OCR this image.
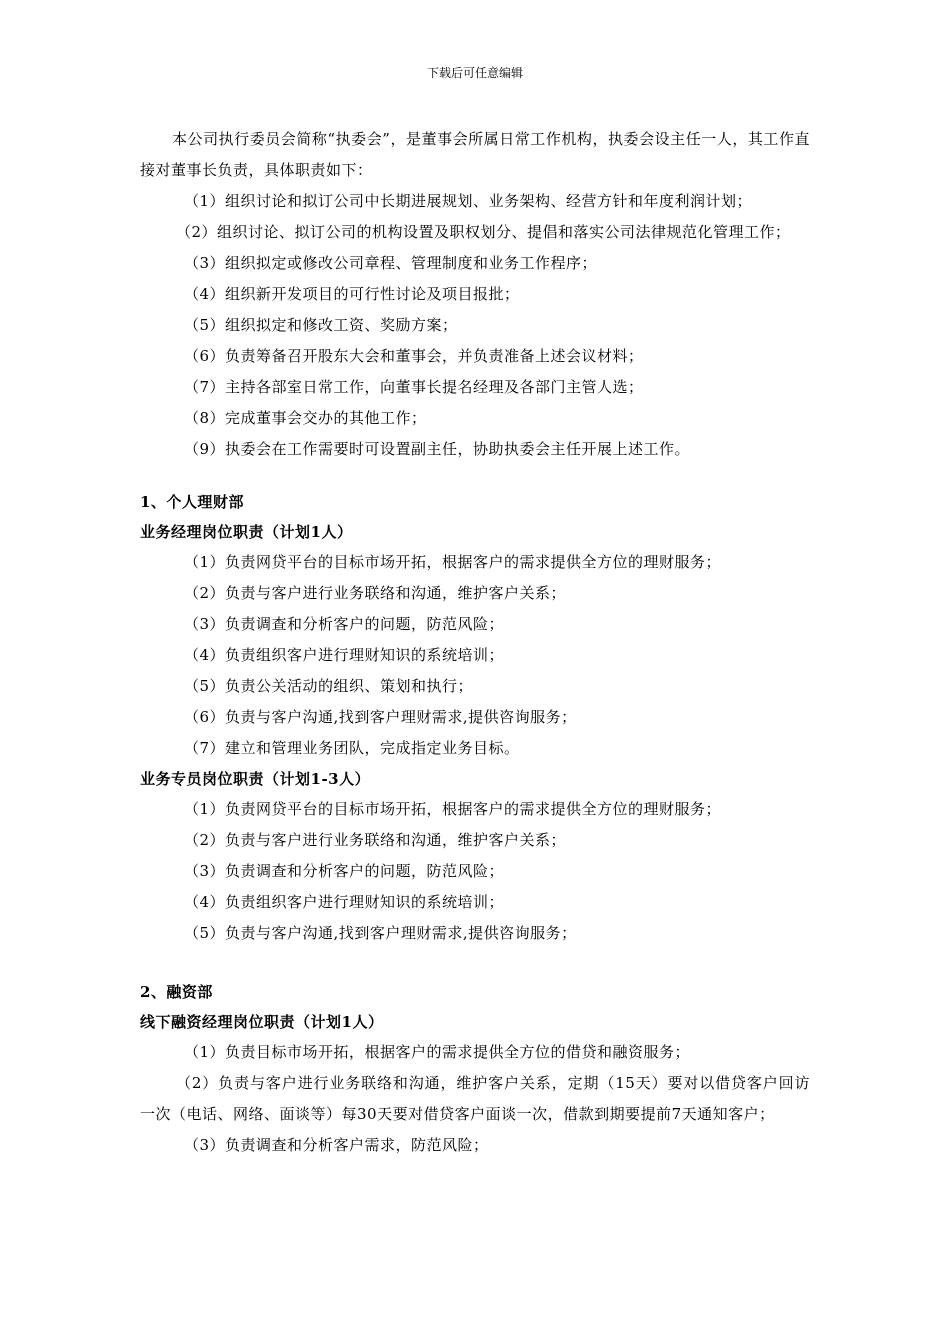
下载后可任意编辑

本公司执行委员会简称“执委会”，是董事会所属日常工作机构，执委会设主任一人，其工作直接对董事长负责，具体职责如下：

（1）组织讨论和拟订公司中长期进展规划、业务架构、经营方针和年度利润计划；

（2）组织讨论、拟订公司的机构设置及职权划分、提倡和落实公司法律规范化管理工作；

（3）组织拟定或修改公司章程、管理制度和业务工作程序；

（4）组织新开发项目的可行性讨论及项目报批；

（5）组织拟定和修改工资、奖励方案；

（6）负责筹备召开股东大会和董事会，并负责准备上述会议材料；

（7）主持各部室日常工作，向董事长提名经理及各部门主管人选；

（8）完成董事会交办的其他工作；

（9）执委会在工作需要时可设置副主任，协助执委会主任开展上述工作。

1、个人理财部

业务经理岗位职责（计划1人）

（1）负责网贷平台的目标市场开拓，根据客户的需求提供全方位的理财服务；

（2）负责与客户进行业务联络和沟通，维护客户关系；

（3）负责调查和分析客户的问题，防范风险；

（4）负责组织客户进行理财知识的系统培训；

（5）负责公关活动的组织、策划和执行；

（6）负责与客户沟通,找到客户理财需求,提供咨询服务；

（7）建立和管理业务团队，完成指定业务目标。

业务专员岗位职责（计划1-3人）

（1）负责网贷平台的目标市场开拓，根据客户的需求提供全方位的理财服务；

（2）负责与客户进行业务联络和沟通，维护客户关系；

（3）负责调查和分析客户的问题，防范风险；

（4）负责组织客户进行理财知识的系统培训；

（5）负责与客户沟通,找到客户理财需求,提供咨询服务；

2、融资部

线下融资经理岗位职责（计划1人）

（1）负责目标市场开拓，根据客户的需求提供全方位的借贷和融资服务；

（2）负责与客户进行业务联络和沟通，维护客户关系，定期（15天）要对以借贷客户回访一次（电话、网络、面谈等）每30天要对借贷客户面谈一次，借款到期要提前7天通知客户；

（3）负责调查和分析客户需求，防范风险；
